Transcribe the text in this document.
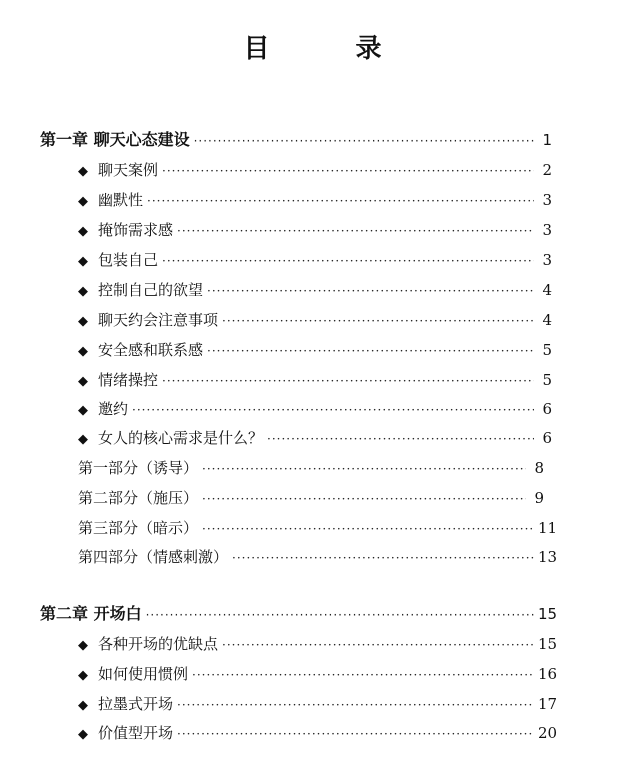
目　录
第一章 聊天心态建设 ·····	1
◆ 聊天案例 ·····	2
◆ 幽默性 ·····	3
◆ 掩饰需求感 ·····	3
◆ 包装自己 ·····	3
◆ 控制自己的欲望 ·····	4
◆ 聊天约会注意事项 ·····	4
◆ 安全感和联系感 ·····	5
◆ 情绪操控 ·····	5
◆ 邀约 ·····	6
◆ 女人的核心需求是什么？ ·····	6
第一部分（诱导） ·····	8
第二部分（施压） ·····	9
第三部分（暗示） ·····	11
第四部分（情感刺激） ·····	13
第二章 开场白 ·····	15
◆ 各种开场的优缺点 ·····	15
◆ 如何使用惯例 ·····	16
◆ 拉墨式开场 ·····	17
◆ 价值型开场 ·····	20
